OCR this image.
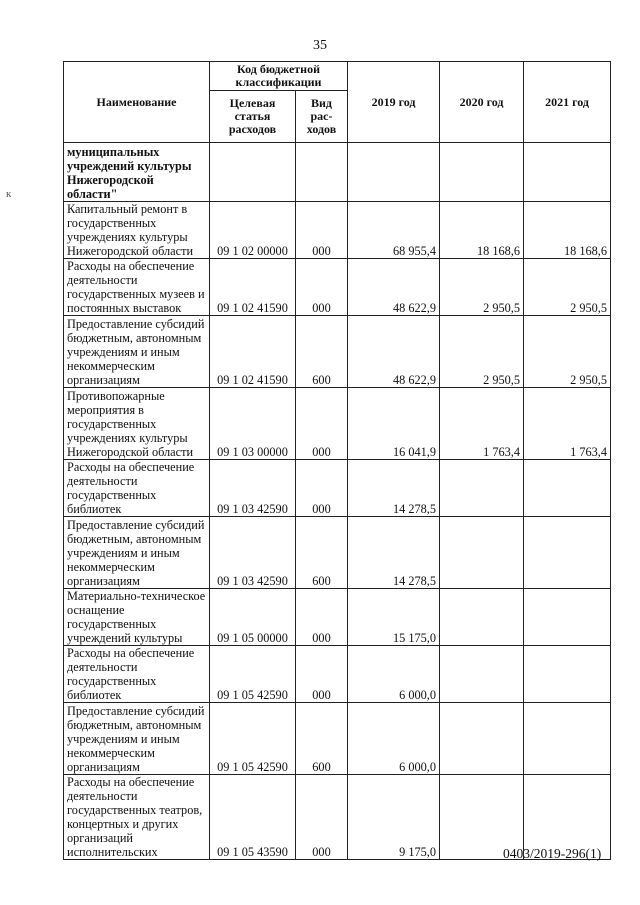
35
к
Наименование	Код бюджетной классификации		2019 год	2020 год	2021 год
	Целевая статья расходов	Вид рас-ходов			
муниципальных учреждений культуры Нижегородской области"					
Капитальный ремонт в государственных учреждениях культуры Нижегородской области	09 1 02 00000	000	68 955,4	18 168,6	18 168,6
Расходы на обеспечение деятельности государственных музеев и постоянных выставок	09 1 02 41590	000	48 622,9	2 950,5	2 950,5
Предоставление субсидий бюджетным, автономным учреждениям и иным некоммерческим организациям	09 1 02 41590	600	48 622,9	2 950,5	2 950,5
Противопожарные мероприятия в государственных учреждениях культуры Нижегородской области	09 1 03 00000	000	16 041,9	1 763,4	1 763,4
Расходы на обеспечение деятельности государственных библиотек	09 1 03 42590	000	14 278,5		
Предоставление субсидий бюджетным, автономным учреждениям и иным некоммерческим организациям	09 1 03 42590	600	14 278,5		
Материально-техническое оснащение государственных учреждений культуры	09 1 05 00000	000	15 175,0		
Расходы на обеспечение деятельности государственных библиотек	09 1 05 42590	000	6 000,0		
Предоставление субсидий бюджетным, автономным учреждениям и иным некоммерческим организациям	09 1 05 42590	600	6 000,0		
Расходы на обеспечение деятельности государственных театров, концертных и других организаций исполнительских	09 1 05 43590	000	9 175,0			0403/2019-296(1)
